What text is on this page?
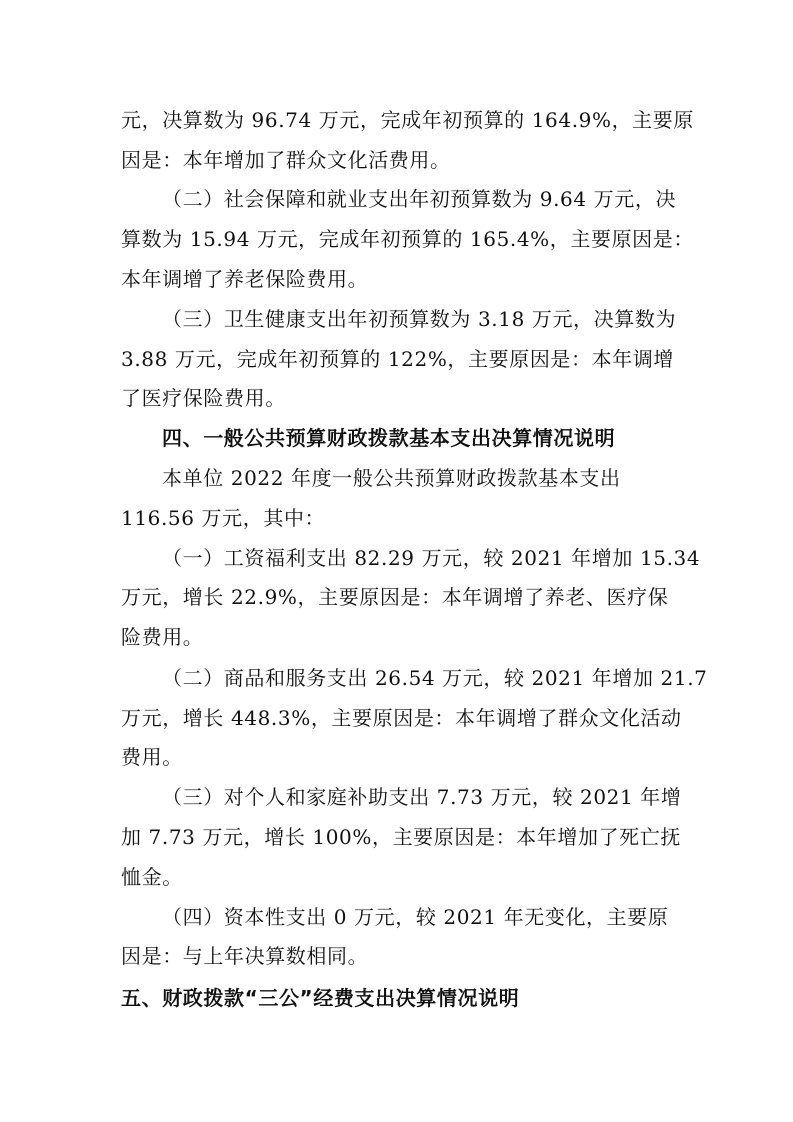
元，决算数为 96.74 万元，完成年初预算的 164.9%，主要原
因是：本年增加了群众文化活费用。
（二）社会保障和就业支出年初预算数为 9.64 万元，决
算数为 15.94 万元，完成年初预算的 165.4%，主要原因是：
本年调增了养老保险费用。
（三）卫生健康支出年初预算数为 3.18 万元，决算数为
3.88 万元，完成年初预算的 122%，主要原因是：本年调增
了医疗保险费用。
四、一般公共预算财政拨款基本支出决算情况说明
本单位 2022 年度一般公共预算财政拨款基本支出
116.56 万元，其中：
（一）工资福利支出 82.29 万元，较 2021 年增加 15.34
万元，增长 22.9%，主要原因是：本年调增了养老、医疗保
险费用。
（二）商品和服务支出 26.54 万元，较 2021 年增加 21.7
万元，增长 448.3%，主要原因是：本年调增了群众文化活动
费用。
（三）对个人和家庭补助支出 7.73 万元，较 2021 年增
加 7.73 万元，增长 100%，主要原因是：本年增加了死亡抚
恤金。
（四）资本性支出 0 万元，较 2021 年无变化，主要原
因是：与上年决算数相同。
五、财政拨款“三公”经费支出决算情况说明
